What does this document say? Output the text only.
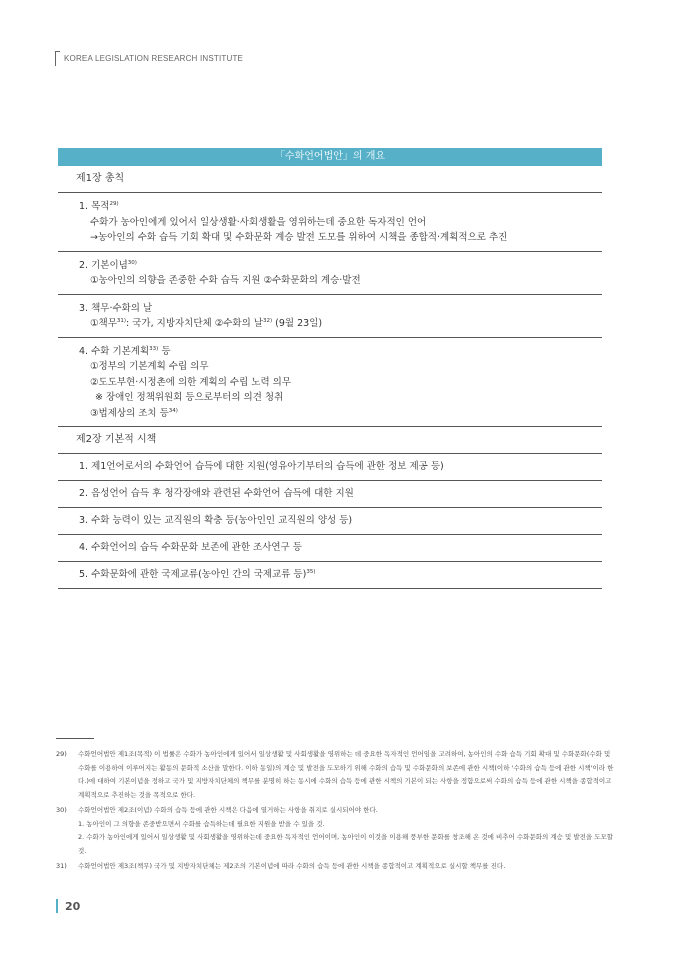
KOREA LEGISLATION RESEARCH INSTITUTE
「수화언어법안」의 개요
제1장 총칙
1. 목적$^{29)}$
수화가 농아인에게 있어서 일상생활·사회생활을 영위하는데 중요한 독자적인 언어
→농아인의 수화 습득 기회 확대 및 수화문화 계승 발전 도모를 위하여 시책을 종합적·계획적으로 추진
2. 기본이념$^{30)}$
①농아인의 의향을 존중한 수화 습득 지원 ②수화문화의 계승·발전
3. 책무·수화의 날
①책무$^{31)}$: 국가, 지방자치단체 ②수화의 날$^{32)}$ (9월 23일)
4. 수화 기본계획$^{33)}$ 등
①정부의 기본계획 수립 의무
②도도부현·시정촌에 의한 계획의 수립 노력 의무
※ 장애인 정책위원회 등으로부터의 의견 청취
③법제상의 조치 등$^{34)}$
제2장 기본적 시책
1. 제1언어로서의 수화언어 습득에 대한 지원(영유아기부터의 습득에 관한 정보 제공 등)
2. 음성언어 습득 후 청각장애와 관련된 수화언어 습득에 대한 지원
3. 수화 능력이 있는 교직원의 확충 등(농아인인 교직원의 양성 등)
4. 수화언어의 습득 수화문화 보존에 관한 조사연구 등
5. 수화문화에 관한 국제교류(농아인 간의 국제교류 등)$^{35)}$
29)	수화언어법안 제1조(목적) 이 법률은 수화가 농아인에게 있어서 일상생활 및 사회생활을 영위하는 데 중요한 독자적인 언어임을 고려하여, 농아인의 수화 습득 기회 확대 및 수화문화(수화 및 수화를 이용하여 이루어지는 활동의 문화적 소산을 말한다. 이하 동일)의 계승 및 발전을 도모하기 위해 수화의 습득 및 수화문화의 보존에 관한 시책(이하 '수화의 습득 등에 관한 시책'이라 한다.)에 대하여 기본이념을 정하고 국가 및 지방자치단체의 책무를 분명히 하는 동시에 수화의 습득 등에 관한 시책의 기본이 되는 사항을 정함으로써 수화의 습득 등에 관한 시책을 종합적이고 계획적으로 추진하는 것을 목적으로 한다.

30)	수화언어법안 제2조(이념) 수화의 습득 등에 관한 시책은 다음에 열거하는 사항을 취지로 실시되어야 한다.

1. 농아인이 그 의향을 존중받으면서 수화를 습득하는데 필요한 지원을 받을 수 있을 것.

2. 수화가 농아인에게 있어서 일상생활 및 사회생활을 영위하는데 중요한 독자적인 언어이며, 농아인이 이것을 이용해 풍부한 문화를 창조해 온 것에 비추어 수화문화의 계승 및 발전을 도모할 것.

31)	수화언어법안 제3조(책무) 국가 및 지방자치단체는 제2조의 기본이념에 따라 수화의 습득 등에 관한 시책을 종합적이고 계획적으로 실시할 책무를 진다.

20
